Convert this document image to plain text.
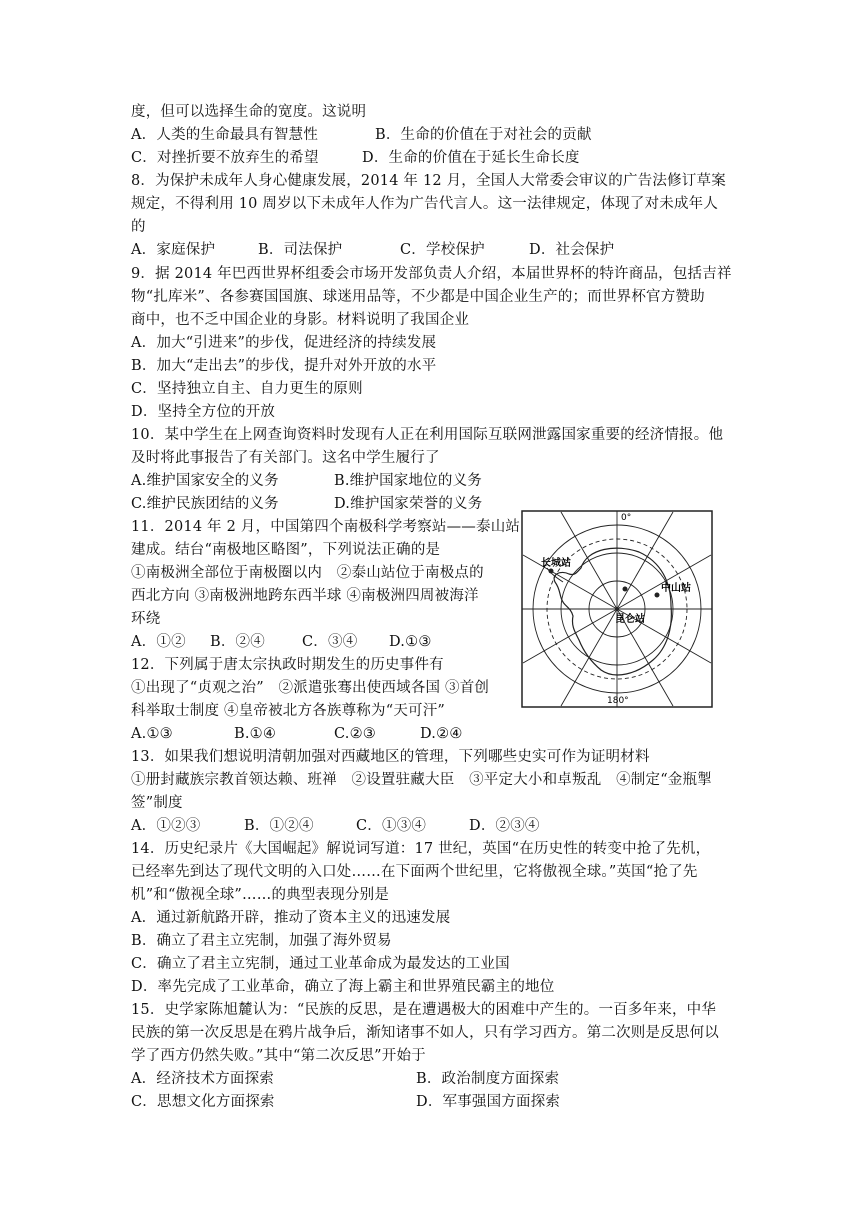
度，但可以选择生命的宽度。这说明
A．人类的生命最具有智慧性	B．生命的价值在于对社会的贡献
C．对挫折要不放弃生的希望	D．生命的价值在于延长生命长度
8．为保护未成年人身心健康发展，2014 年 12 月，全国人大常委会审议的广告法修订草案
规定，不得利用 10 周岁以下未成年人作为广告代言人。这一法律规定，体现了对未成年人
的
A．家庭保护	B．司法保护	C．学校保护	D．社会保护
9．据 2014 年巴西世界杯组委会市场开发部负责人介绍，本届世界杯的特许商品，包括吉祥
物“扎库米”、各参赛国国旗、球迷用品等，不少都是中国企业生产的；而世界杯官方赞助
商中，也不乏中国企业的身影。材料说明了我国企业
A．加大“引进来”的步伐，促进经济的持续发展
B．加大“走出去”的步伐，提升对外开放的水平
C．坚持独立自主、自力更生的原则
D．坚持全方位的开放
10．某中学生在上网查询资料时发现有人正在利用国际互联网泄露国家重要的经济情报。他
及时将此事报告了有关部门。这名中学生履行了
A.维护国家安全的义务	B.维护国家地位的义务
C.维护民族团结的义务	D.维护国家荣誉的义务
11．2014 年 2 月，中国第四个南极科学考察站——泰山站
建成。结台“南极地区略图”，下列说法正确的是
①南极洲全部位于南极圈以内　②泰山站位于南极点的
西北方向 ③南极洲地跨东西半球 ④南极洲四周被海洋
环绕
A．①② B．②④	C．③④ D.①③
12．下列属于唐太宗执政时期发生的历史事件有
①出现了“贞观之治”　②派遣张骞出使西域各国 ③首创
科举取士制度 ④皇帝被北方各族尊称为“天可汗”
A.①③	B.①④	C.②③	D.②④
13．如果我们想说明清朝加强对西藏地区的管理，下列哪些史实可作为证明材料
①册封藏族宗教首领达赖、班禅　②设置驻藏大臣　③平定大小和卓叛乱　④制定“金瓶掣
签”制度
A．①②③	B．①②④	C．①③④	D．②③④
14．历史纪录片《大国崛起》解说词写道：17 世纪，英国“在历史性的转变中抢了先机，
已经率先到达了现代文明的入口处……在下面两个世纪里，它将傲视全球。”英国“抢了先
机”和“傲视全球”……的典型表现分别是
A．通过新航路开辟，推动了资本主义的迅速发展
B．确立了君主立宪制，加强了海外贸易
C．确立了君主立宪制，通过工业革命成为最发达的工业国
D．率先完成了工业革命，确立了海上霸主和世界殖民霸主的地位
15．史学家陈旭麓认为：“民族的反思，是在遭遇极大的困难中产生的。一百多年来，中华
民族的第一次反思是在鸦片战争后，渐知诸事不如人，只有学习西方。第二次则是反思何以
学了西方仍然失败。”其中“第二次反思”开始于
A．经济技术方面探索	B．政治制度方面探索
C．思想文化方面探索	D．军事强国方面探索
0°
180°
长城站
中山站
昆仑站
